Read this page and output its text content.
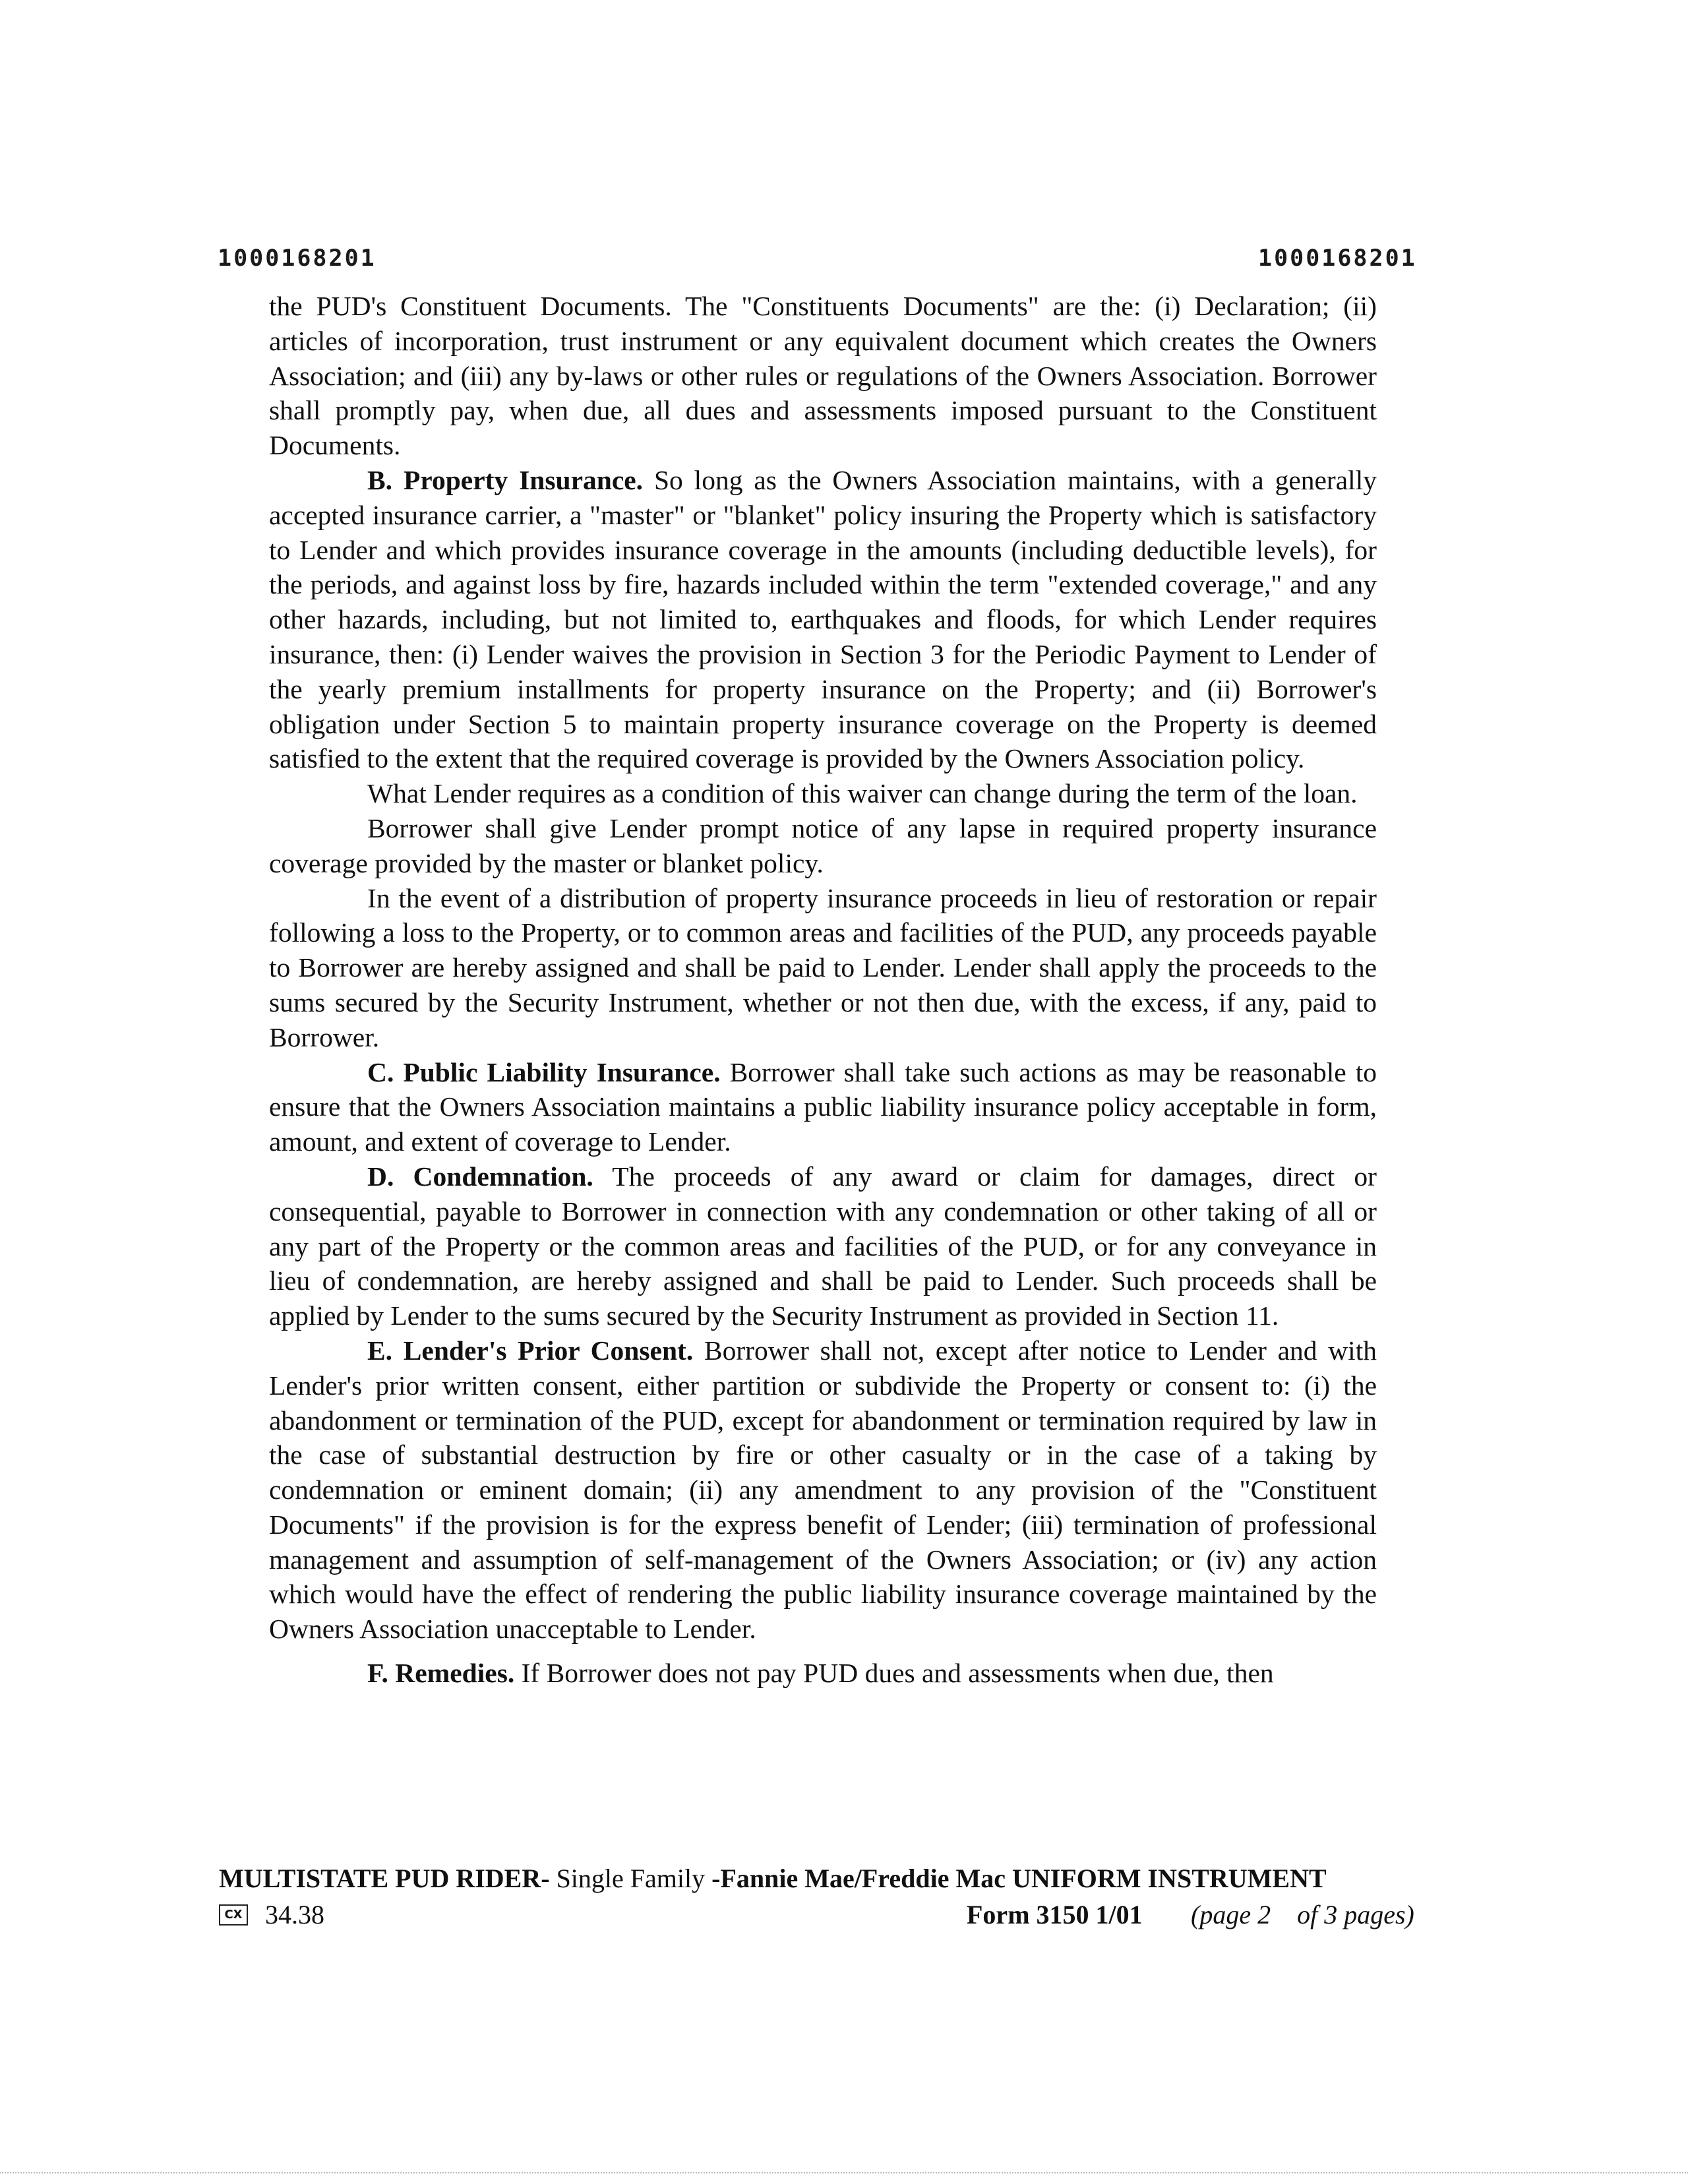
1000168201	1000168201

the PUD's Constituent Documents. The "Constituents Documents" are the: (i) Declaration; (ii) articles of incorporation, trust instrument or any equivalent document which creates the Owners Association; and (iii) any by-laws or other rules or regulations of the Owners Association. Borrower shall promptly pay, when due, all dues and assessments imposed pursuant to the Constituent Documents.

B. Property Insurance. So long as the Owners Association maintains, with a generally accepted insurance carrier, a "master" or "blanket" policy insuring the Property which is satisfactory to Lender and which provides insurance coverage in the amounts (including deductible levels), for the periods, and against loss by fire, hazards included within the term "extended coverage," and any other hazards, including, but not limited to, earthquakes and floods, for which Lender requires insurance, then: (i) Lender waives the provision in Section 3 for the Periodic Payment to Lender of the yearly premium installments for property insurance on the Property; and (ii) Borrower's obligation under Section 5 to maintain property insurance coverage on the Property is deemed satisfied to the extent that the required coverage is provided by the Owners Association policy.

What Lender requires as a condition of this waiver can change during the term of the loan.

Borrower shall give Lender prompt notice of any lapse in required property insurance coverage provided by the master or blanket policy.

In the event of a distribution of property insurance proceeds in lieu of restoration or repair following a loss to the Property, or to common areas and facilities of the PUD, any proceeds payable to Borrower are hereby assigned and shall be paid to Lender. Lender shall apply the proceeds to the sums secured by the Security Instrument, whether or not then due, with the excess, if any, paid to Borrower.

C. Public Liability Insurance. Borrower shall take such actions as may be reasonable to ensure that the Owners Association maintains a public liability insurance policy acceptable in form, amount, and extent of coverage to Lender.

D. Condemnation. The proceeds of any award or claim for damages, direct or consequential, payable to Borrower in connection with any condemnation or other taking of all or any part of the Property or the common areas and facilities of the PUD, or for any conveyance in lieu of condemnation, are hereby assigned and shall be paid to Lender. Such proceeds shall be applied by Lender to the sums secured by the Security Instrument as provided in Section 11.

E. Lender's Prior Consent. Borrower shall not, except after notice to Lender and with Lender's prior written consent, either partition or subdivide the Property or consent to: (i) the abandonment or termination of the PUD, except for abandonment or termination required by law in the case of substantial destruction by fire or other casualty or in the case of a taking by condemnation or eminent domain; (ii) any amendment to any provision of the "Constituent Documents" if the provision is for the express benefit of Lender; (iii) termination of professional management and assumption of self-management of the Owners Association; or (iv) any action which would have the effect of rendering the public liability insurance coverage maintained by the Owners Association unacceptable to Lender.

F. Remedies. If Borrower does not pay PUD dues and assessments when due, then

MULTISTATE PUD RIDER- Single Family -Fannie Mae/Freddie Mac UNIFORM INSTRUMENT
CX 34.38	Form 3150 1/01 (page 2    of 3 pages)
